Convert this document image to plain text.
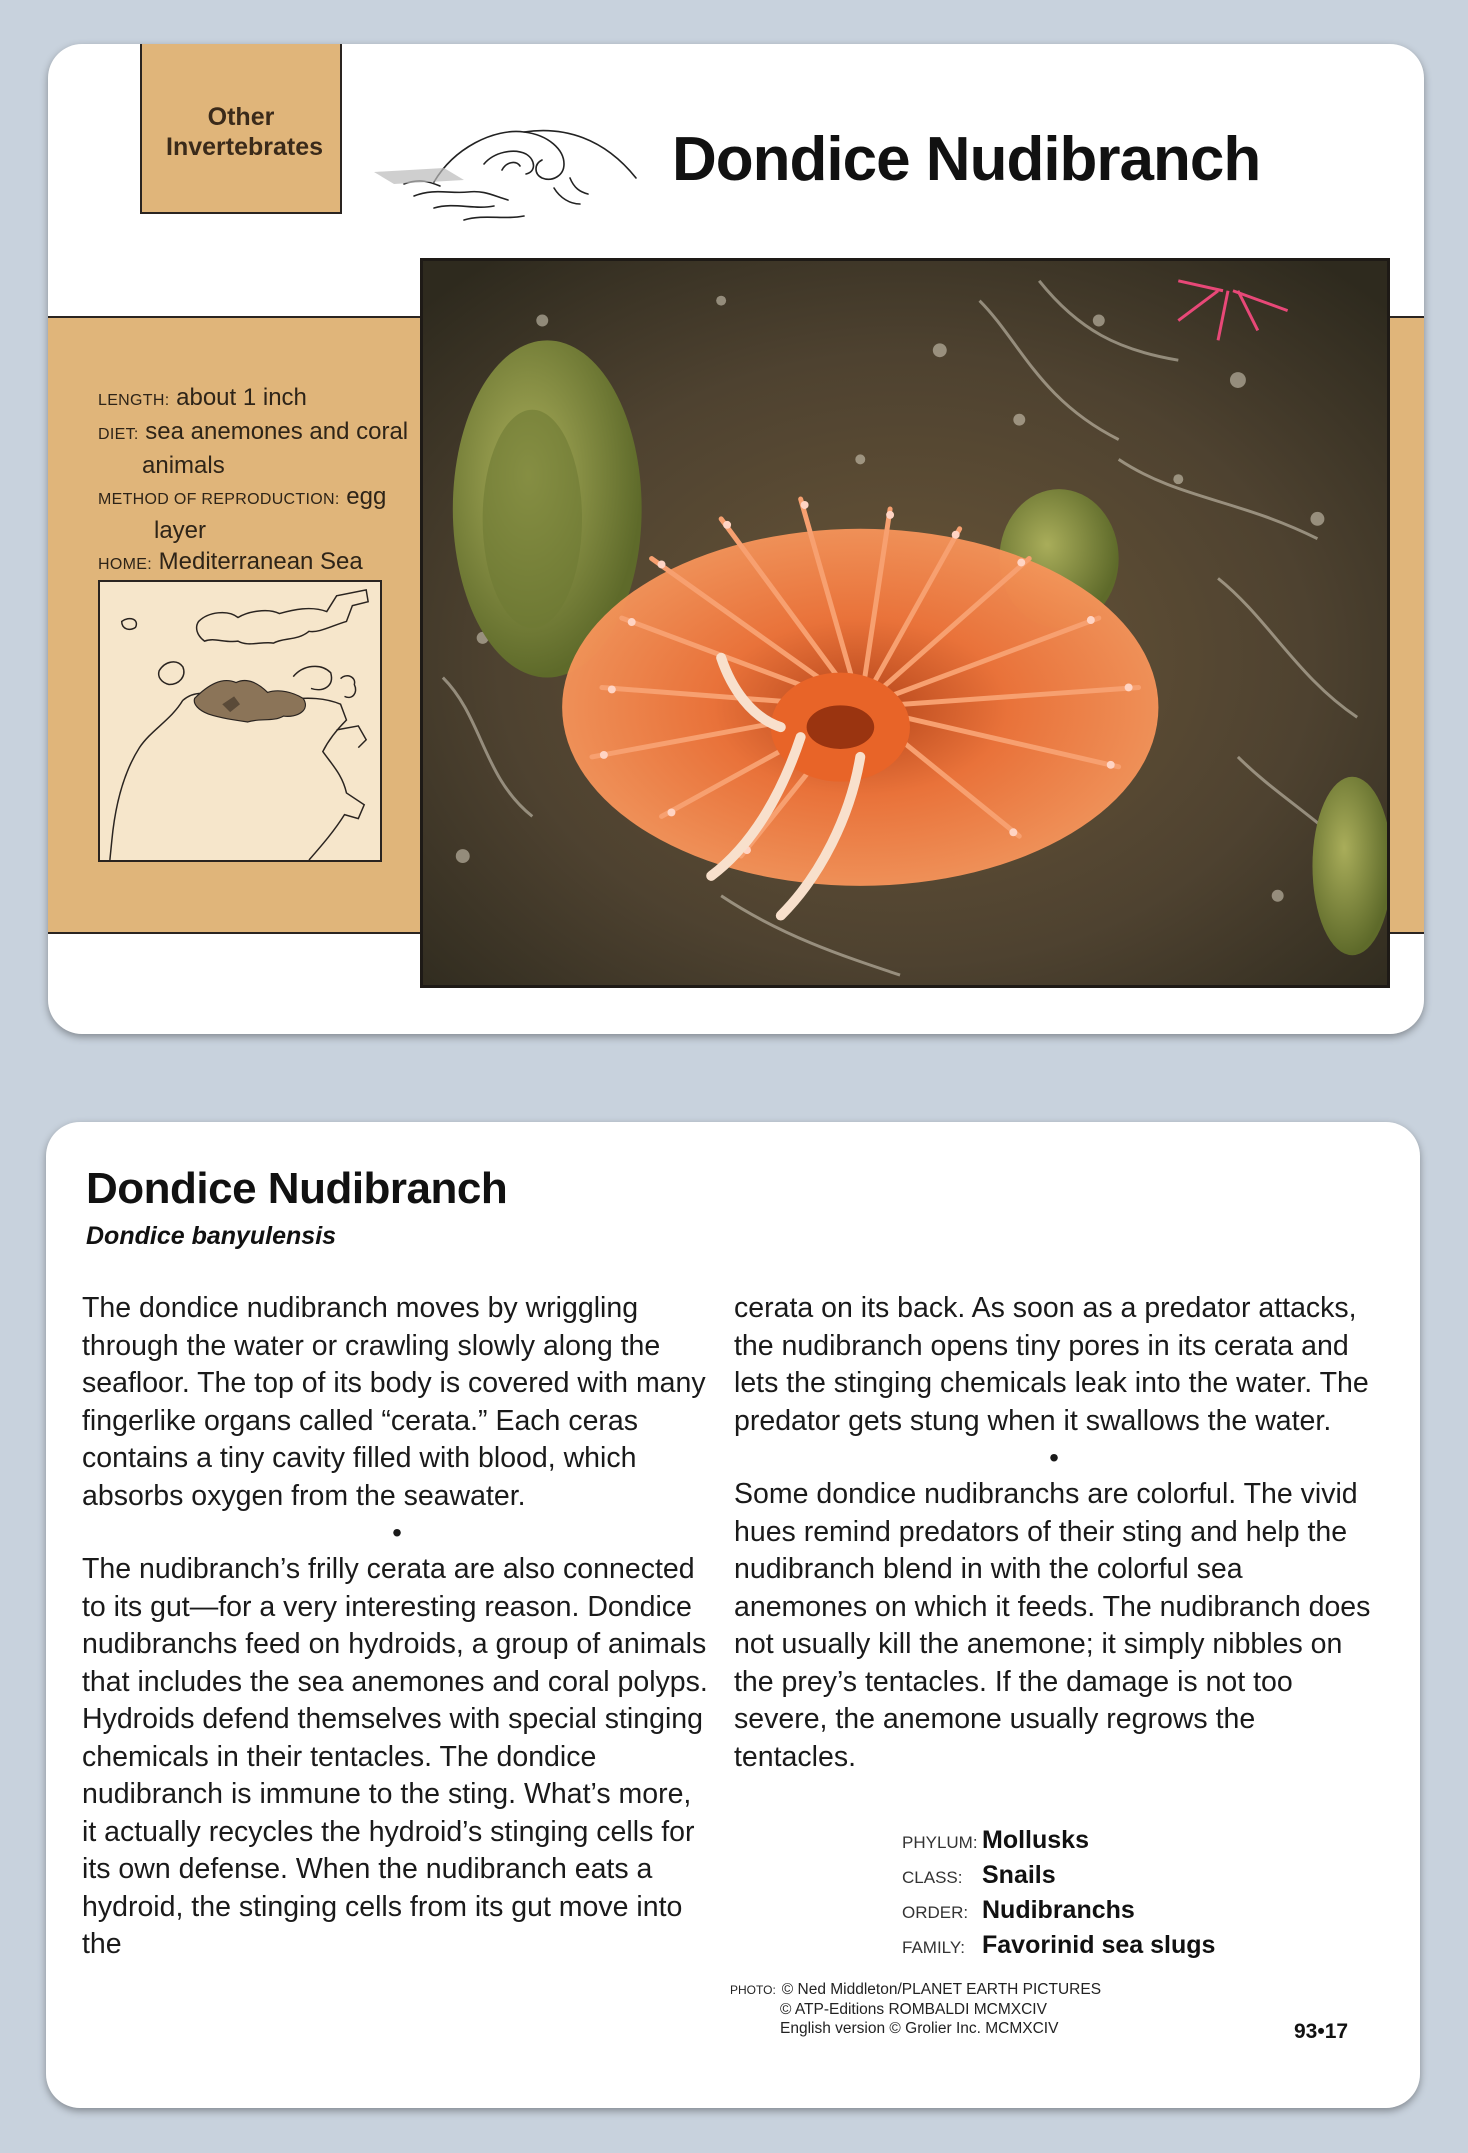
Other Invertebrates	Dondice Nudibranch
LENGTH: about 1 inch
DIET: sea anemones and coral
animals
METHOD OF REPRODUCTION: egg
layer
HOME: Mediterranean Sea
Dondice Nudibranch
Dondice banyulensis

The dondice nudibranch moves by wriggling through the water or crawling slowly along the seafloor. The top of its body is covered with many fingerlike organs called “cerata.” Each ceras contains a tiny cavity filled with blood, which absorbs oxygen from the seawater.

•

The nudibranch’s frilly cerata are also connected to its gut—for a very interesting reason. Dondice nudibranchs feed on hydroids, a group of animals that includes the sea anemones and coral polyps. Hydroids defend themselves with special stinging chemicals in their tentacles. The dondice nudibranch is immune to the sting. What’s more, it actually recycles the hydroid’s stinging cells for its own defense. When the nudibranch eats a hydroid, the stinging cells from its gut move into the

cerata on its back. As soon as a predator attacks, the nudibranch opens tiny pores in its cerata and lets the stinging chemicals leak into the water. The predator gets stung when it swallows the water.

•

Some dondice nudibranchs are colorful. The vivid hues remind predators of their sting and help the nudibranch blend in with the colorful sea anemones on which it feeds. The nudibranch does not usually kill the anemone; it simply nibbles on the prey’s tentacles. If the damage is not too severe, the anemone usually regrows the tentacles.

PHYLUM: Mollusks
CLASS: Snails
ORDER: Nudibranchs
FAMILY: Favorinid sea slugs
PHOTO: © Ned Middleton/PLANET EARTH PICTURES
© ATP-Editions ROMBALDI MCMXCIV
English version © Grolier Inc. MCMXCIV	93•17
